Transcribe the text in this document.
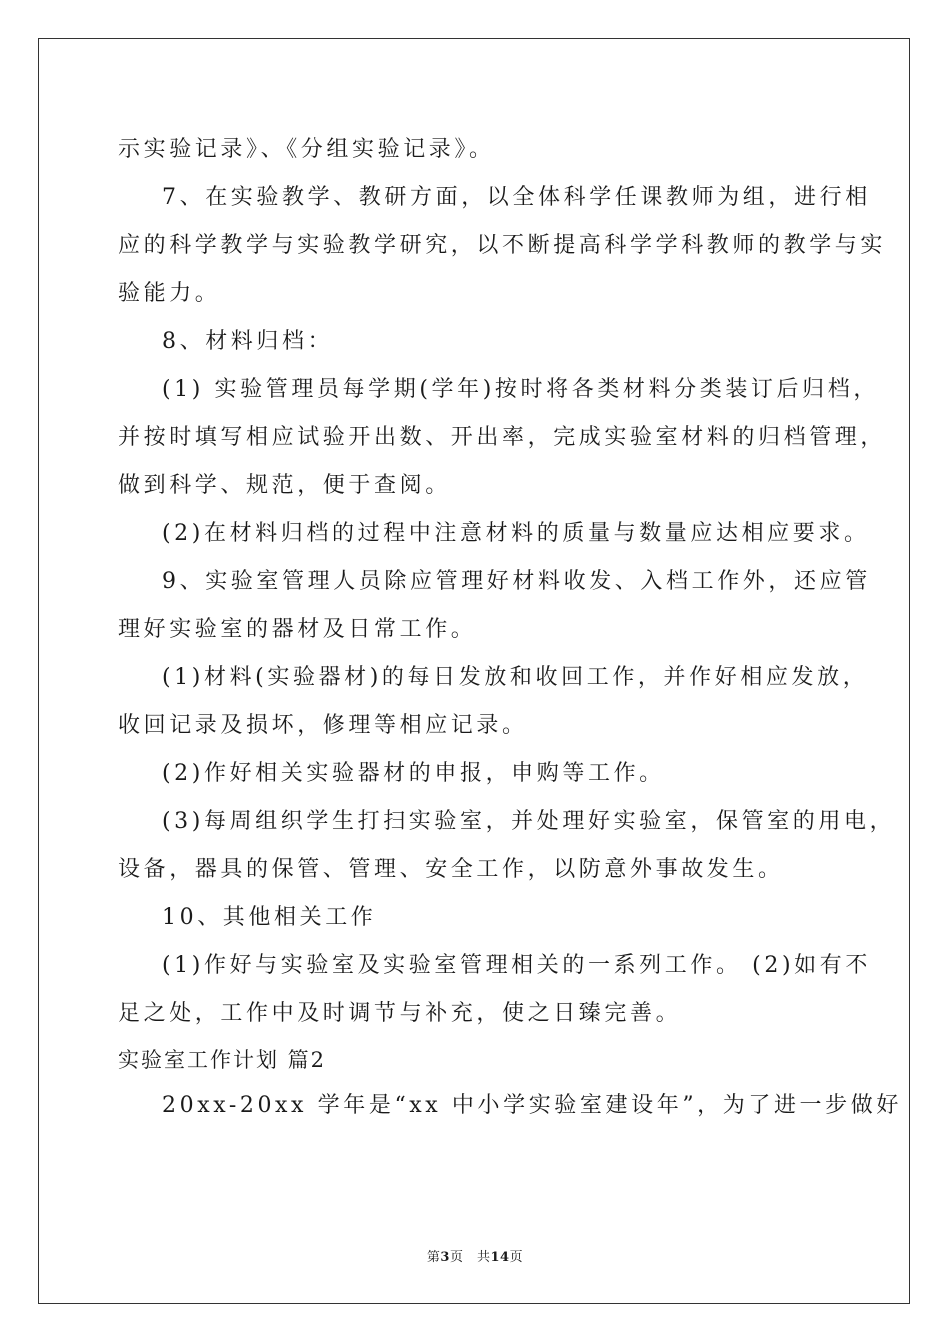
示实验记录》、《分组实验记录》。
7、在实验教学、教研方面，以全体科学任课教师为组，进行相
应的科学教学与实验教学研究，以不断提高科学学科教师的教学与实
验能力。
8、材料归档：
(1) 实验管理员每学期(学年)按时将各类材料分类装订后归档，
并按时填写相应试验开出数、开出率，完成实验室材料的归档管理，
做到科学、规范，便于查阅。
(2)在材料归档的过程中注意材料的质量与数量应达相应要求。
9、实验室管理人员除应管理好材料收发、入档工作外，还应管
理好实验室的器材及日常工作。
(1)材料(实验器材)的每日发放和收回工作，并作好相应发放，
收回记录及损坏，修理等相应记录。
(2)作好相关实验器材的申报，申购等工作。
(3)每周组织学生打扫实验室，并处理好实验室，保管室的用电，
设备，器具的保管、管理、安全工作，以防意外事故发生。
10、其他相关工作
(1)作好与实验室及实验室管理相关的一系列工作。 (2)如有不
足之处，工作中及时调节与补充，使之日臻完善。
实验室工作计划 篇2
20xx-20xx 学年是“xx 中小学实验室建设年”，为了进一步做好
第3页　共14页
